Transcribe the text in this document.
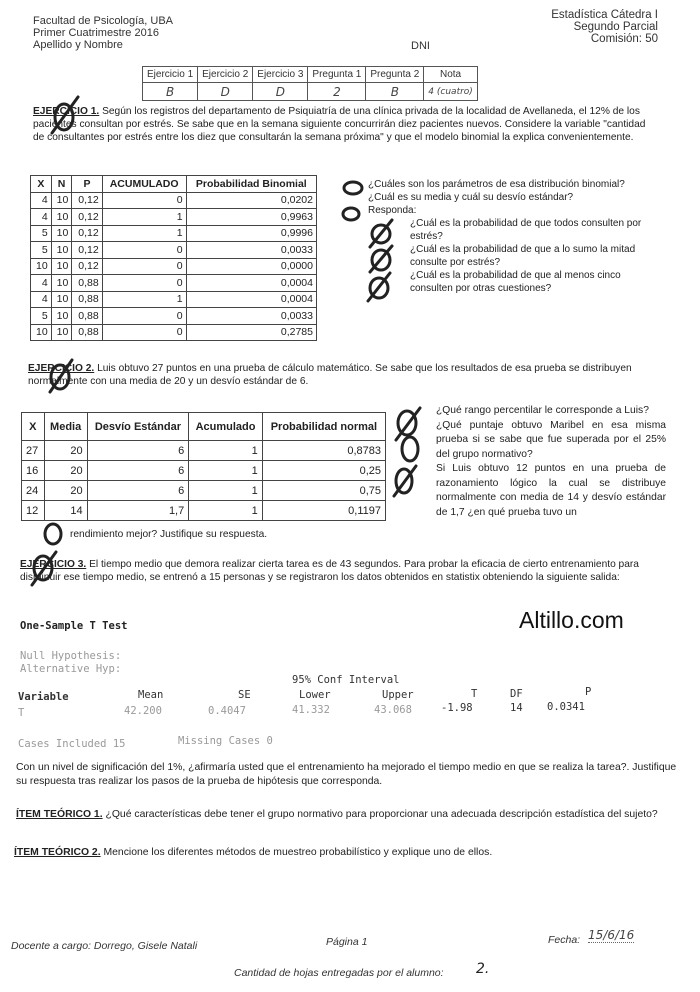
Facultad de Psicología, UBA
Primer Cuatrimestre 2016
Apellido y Nombre	DNI
Estadística Cátedra I
Segundo Parcial
Comisión: 50
Ejercicio 1	Ejercicio 2	Ejercicio 3	Pregunta 1	Pregunta 2	Nota
B	D	D	2	B	4 (cuatro)
EJERCICIO 1. Según los registros del departamento de Psiquiatría de una clínica privada de la localidad de Avellaneda, el 12% de los pacientes consultan por estrés. Se sabe que en la semana siguiente concurrirán diez pacientes nuevos. Considere la variable "cantidad de consultantes por estrés entre los diez que consultarán la semana próxima" y que el modelo binomial la explica convenientemente.
X	N	P	ACUMULADO	Probabilidad Binomial
4	10	0,12	0	0,0202
4	10	0,12	1	0,9963
5	10	0,12	1	0,9996
5	10	0,12	0	0,0033
10	10	0,12	0	0,0000
4	10	0,88	0	0,0004
4	10	0,88	1	0,0004
5	10	0,88	0	0,0033
10	10	0,88	0	0,2785
¿Cuáles son los parámetros de esa distribución binomial?
¿Cuál es su media y cuál su desvío estándar?
Responda:
¿Cuál es la probabilidad de que todos consulten por estrés?
¿Cuál es la probabilidad de que a lo sumo la mitad consulte por estrés?
¿Cuál es la probabilidad de que al menos cinco consulten por otras cuestiones?
EJERCICIO 2. Luis obtuvo 27 puntos en una prueba de cálculo matemático. Se sabe que los resultados de esa prueba se distribuyen normalmente con una media de 20 y un desvío estándar de 6.
X	Media	Desvío Estándar	Acumulado	Probabilidad normal
27	20	6	1	0,8783
16	20	6	1	0,25
24	20	6	1	0,75
12	14	1,7	1	0,1197
¿Qué rango percentilar le corresponde a Luis?
¿Qué puntaje obtuvo Maribel en esa misma prueba si se sabe que fue superada por el 25% del grupo normativo?
Si Luis obtuvo 12 puntos en una prueba de razonamiento lógico la cual se distribuye normalmente con media de 14 y desvío estándar de 1,7 ¿en qué prueba tuvo un
rendimiento mejor? Justifique su respuesta.
Altillo.com
EJERCICIO 3. El tiempo medio que demora realizar cierta tarea es de 43 segundos. Para probar la eficacia de cierto entrenamiento para disminuir ese tiempo medio, se entrenó a 15 personas y se registraron los datos obtenidos en statistix obteniendo la siguiente salida:
One-Sample T Test
Null Hypothesis:
Alternative Hyp:
95% Conf Interval
Variable	Mean	SE	Lower	Upper	T	DF	P
T	42.200	0.4047	41.332	43.068	-1.98	14 0.0341
Cases Included 15	Missing Cases 0
Con un nivel de significación del 1%, ¿afirmaría usted que el entrenamiento ha mejorado el tiempo medio en que se realiza la tarea?. Justifique su respuesta tras realizar los pasos de la prueba de hipótesis que corresponda.
ÍTEM TEÓRICO 1. ¿Qué características debe tener el grupo normativo para proporcionar una adecuada descripción estadística del sujeto?
ÍTEM TEÓRICO 2. Mencione los diferentes métodos de muestreo probabilístico y explique uno de ellos.
Docente a cargo: Dorrego, Gisele Natali	Página 1	Fecha: 15/6/16
Cantidad de hojas entregadas por el alumno: 2.
